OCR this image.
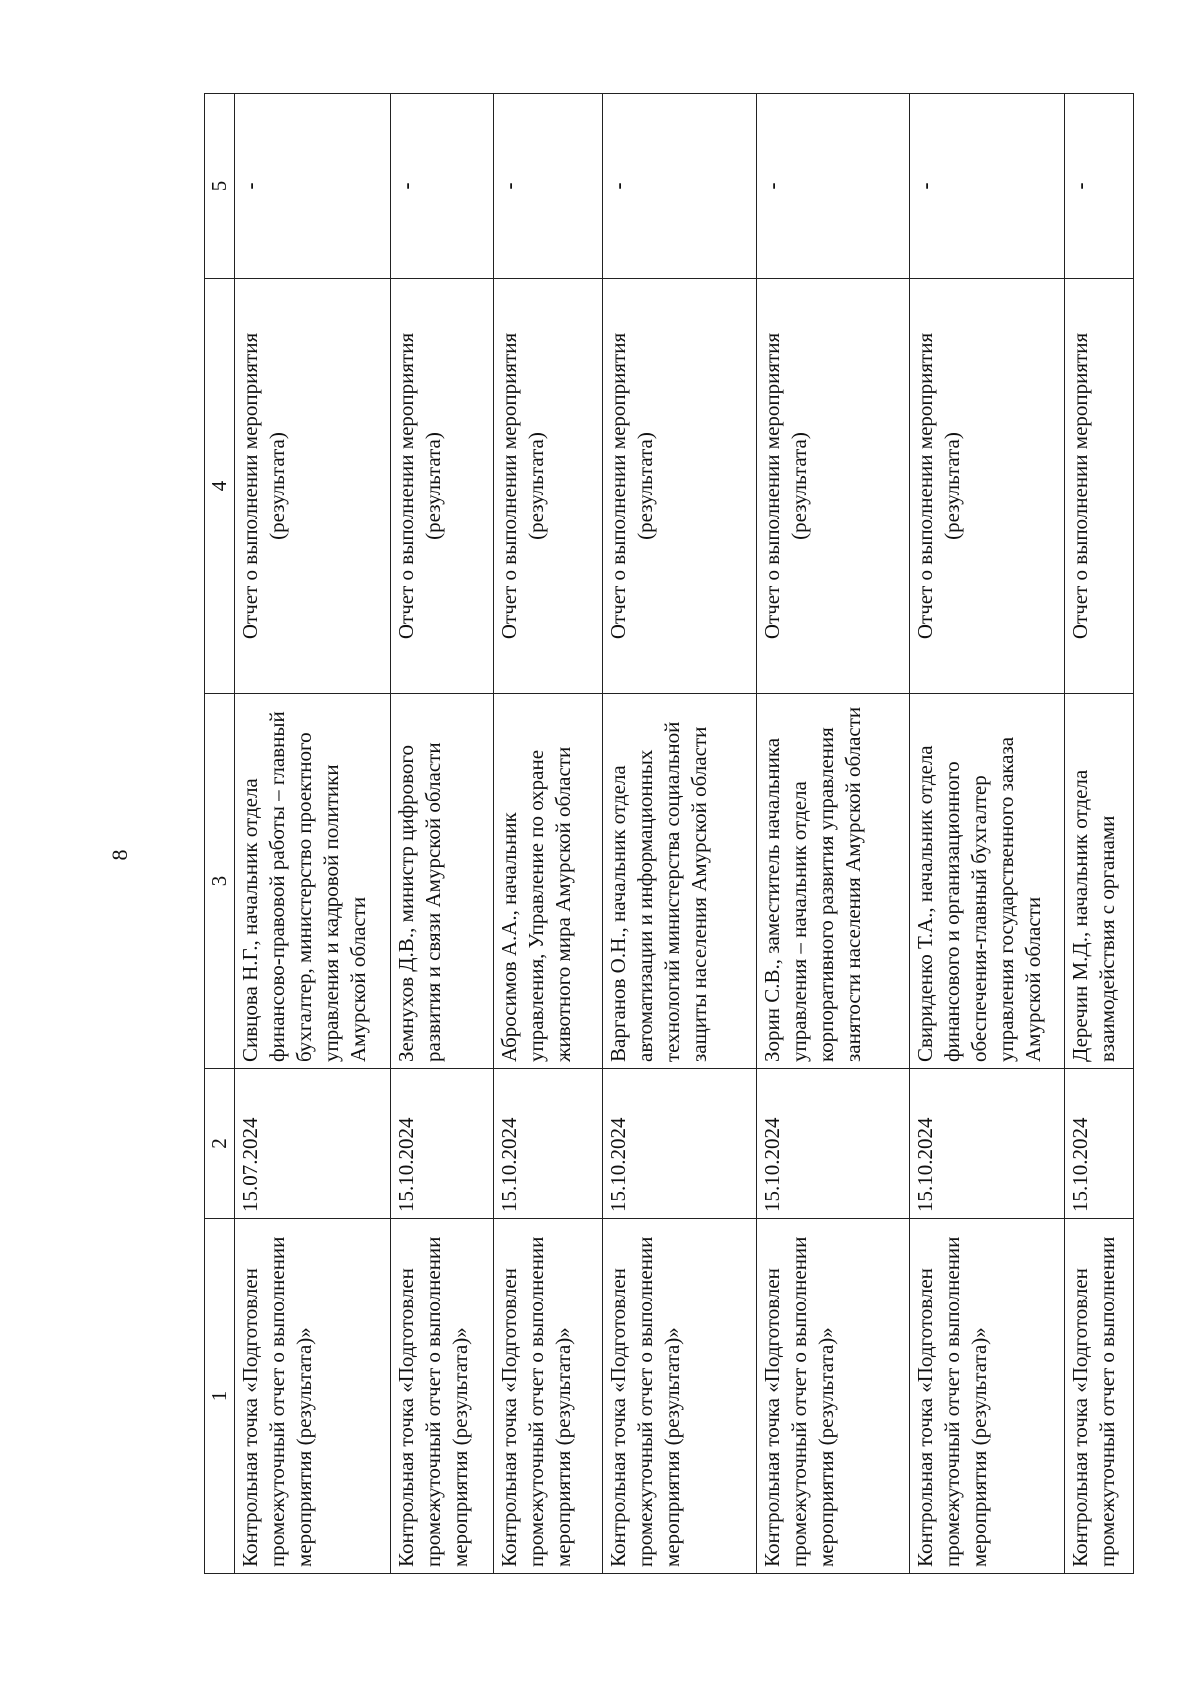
8
1	2	3	4	5
Контрольная точка «Подготовлен промежуточный отчет о выполнении мероприятия (результата)»	15.07.2024	Сивцова Н.Г., начальник отдела финансово-правовой работы – главный бухгалтер, министерство проектного управления и кадровой политики Амурской области	Отчет о выполнении мероприятия (результата)	-
Контрольная точка «Подготовлен промежуточный отчет о выполнении мероприятия (результата)»	15.10.2024	Земнухов Д.В., министр цифрового развития и связи Амурской области	Отчет о выполнении мероприятия (результата)	-
Контрольная точка «Подготовлен промежуточный отчет о выполнении мероприятия (результата)»	15.10.2024	Абросимов А.А., начальник управления, Управление по охране животного мира Амурской области	Отчет о выполнении мероприятия (результата)	-
Контрольная точка «Подготовлен промежуточный отчет о выполнении мероприятия (результата)»	15.10.2024	Варганов О.Н., начальник отдела автоматизации и информационных технологий министерства социальной защиты населения Амурской области	Отчет о выполнении мероприятия (результата)	-
Контрольная точка «Подготовлен промежуточный отчет о выполнении мероприятия (результата)»	15.10.2024	Зорин С.В., заместитель начальника управления – начальник отдела корпоративного развития управления занятости населения Амурской области	Отчет о выполнении мероприятия (результата)	-
Контрольная точка «Подготовлен промежуточный отчет о выполнении мероприятия (результата)»	15.10.2024	Свириденко Т.А., начальник отдела финансового и организационного обеспечения-главный бухгалтер управления государственного заказа Амурской области	Отчет о выполнении мероприятия (результата)	-
Контрольная точка «Подготовлен промежуточный отчет о выполнении	15.10.2024	Деречин М.Д., начальник отдела взаимодействия с органами	Отчет о выполнении мероприятия	-
